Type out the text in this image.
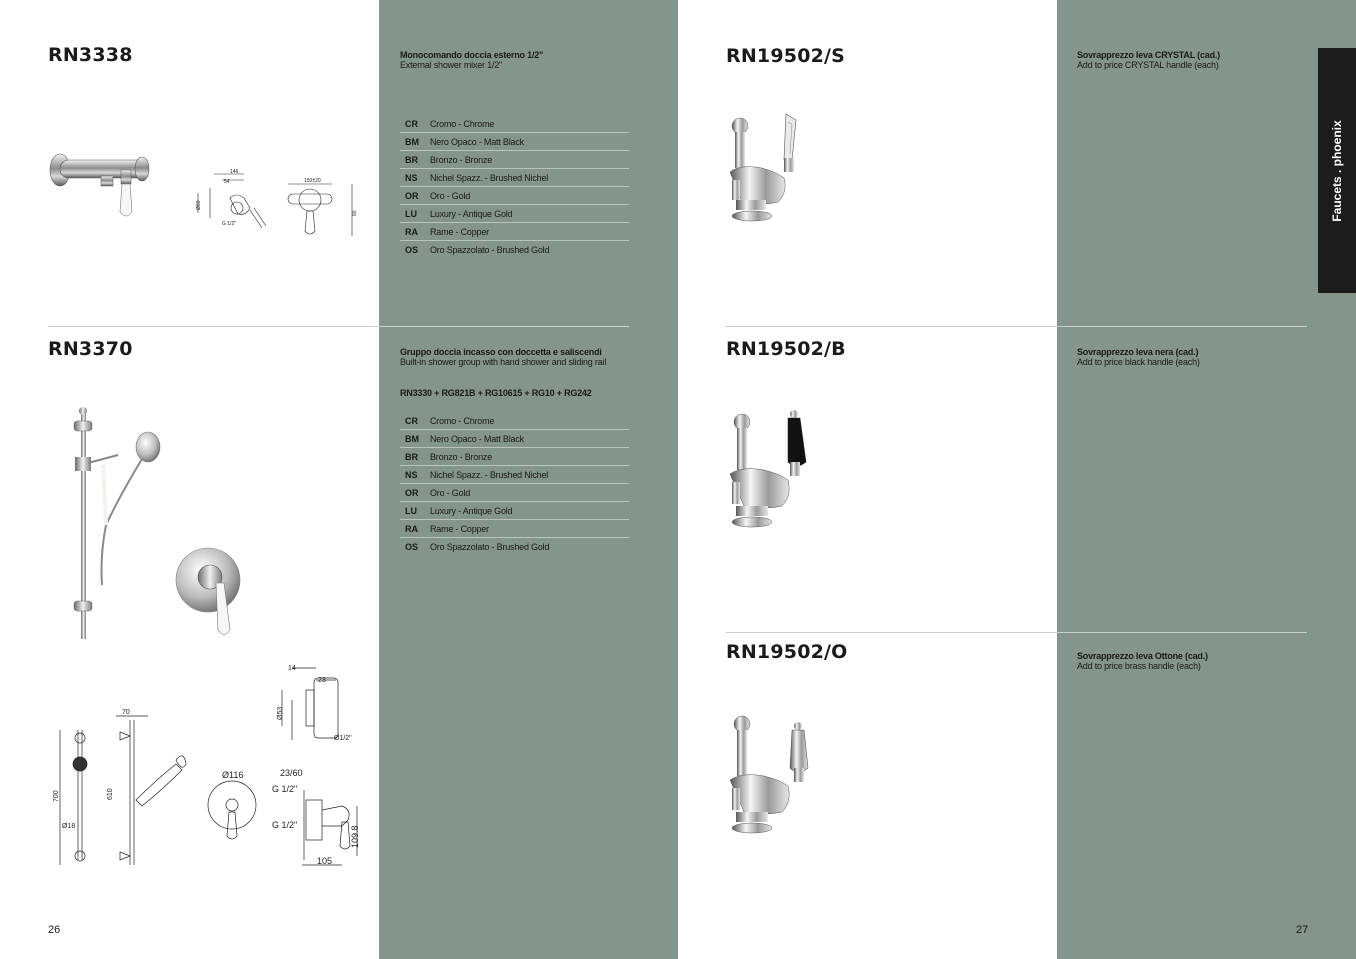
RN3338	Monocomando doccia esterno 1/2"
External shower mixer 1/2"
CR	Cromo - Chrome
BM	Nero Opaco - Matt Black
BR	Bronzo - Bronze
NS	Nichel Spazz. - Brushed Nichel
OR	Oro - Gold
LU	Luxury - Antique Gold
RA	Rame - Copper
OS	Oro Spazzolato - Brushed Gold
146
54	150±20
G 1/2"
Ø60
80
RN3370	Gruppo doccia incasso con doccetta e saliscendi
Built-in shower group with hand shower and sliding rail
RN3330 + RG821B + RG10615 + RG10 + RG242
CR	Cromo - Chrome
BM	Nero Opaco - Matt Black
BR	Bronzo - Bronze
NS	Nichel Spazz. - Brushed Nichel
OR	Oro - Gold
LU	Luxury - Antique Gold
RA	Rame - Copper
OS	Oro Spazzolato - Brushed Gold
70
700	610
Ø18
Ø116	23/60
G 1/2"
G 1/2"
105
109.8
14
23
Ø53
Ø1/2"
26
RN19502/S	Sovrapprezzo leva CRYSTAL (cad.)
Add to price CRYSTAL handle (each)
RN19502/B	Sovrapprezzo leva nera (cad.)
Add to price black handle (each)
RN19502/O	Sovrapprezzo leva Ottone (cad.)
Add to price brass handle (each)
Faucets . phoenix
27
